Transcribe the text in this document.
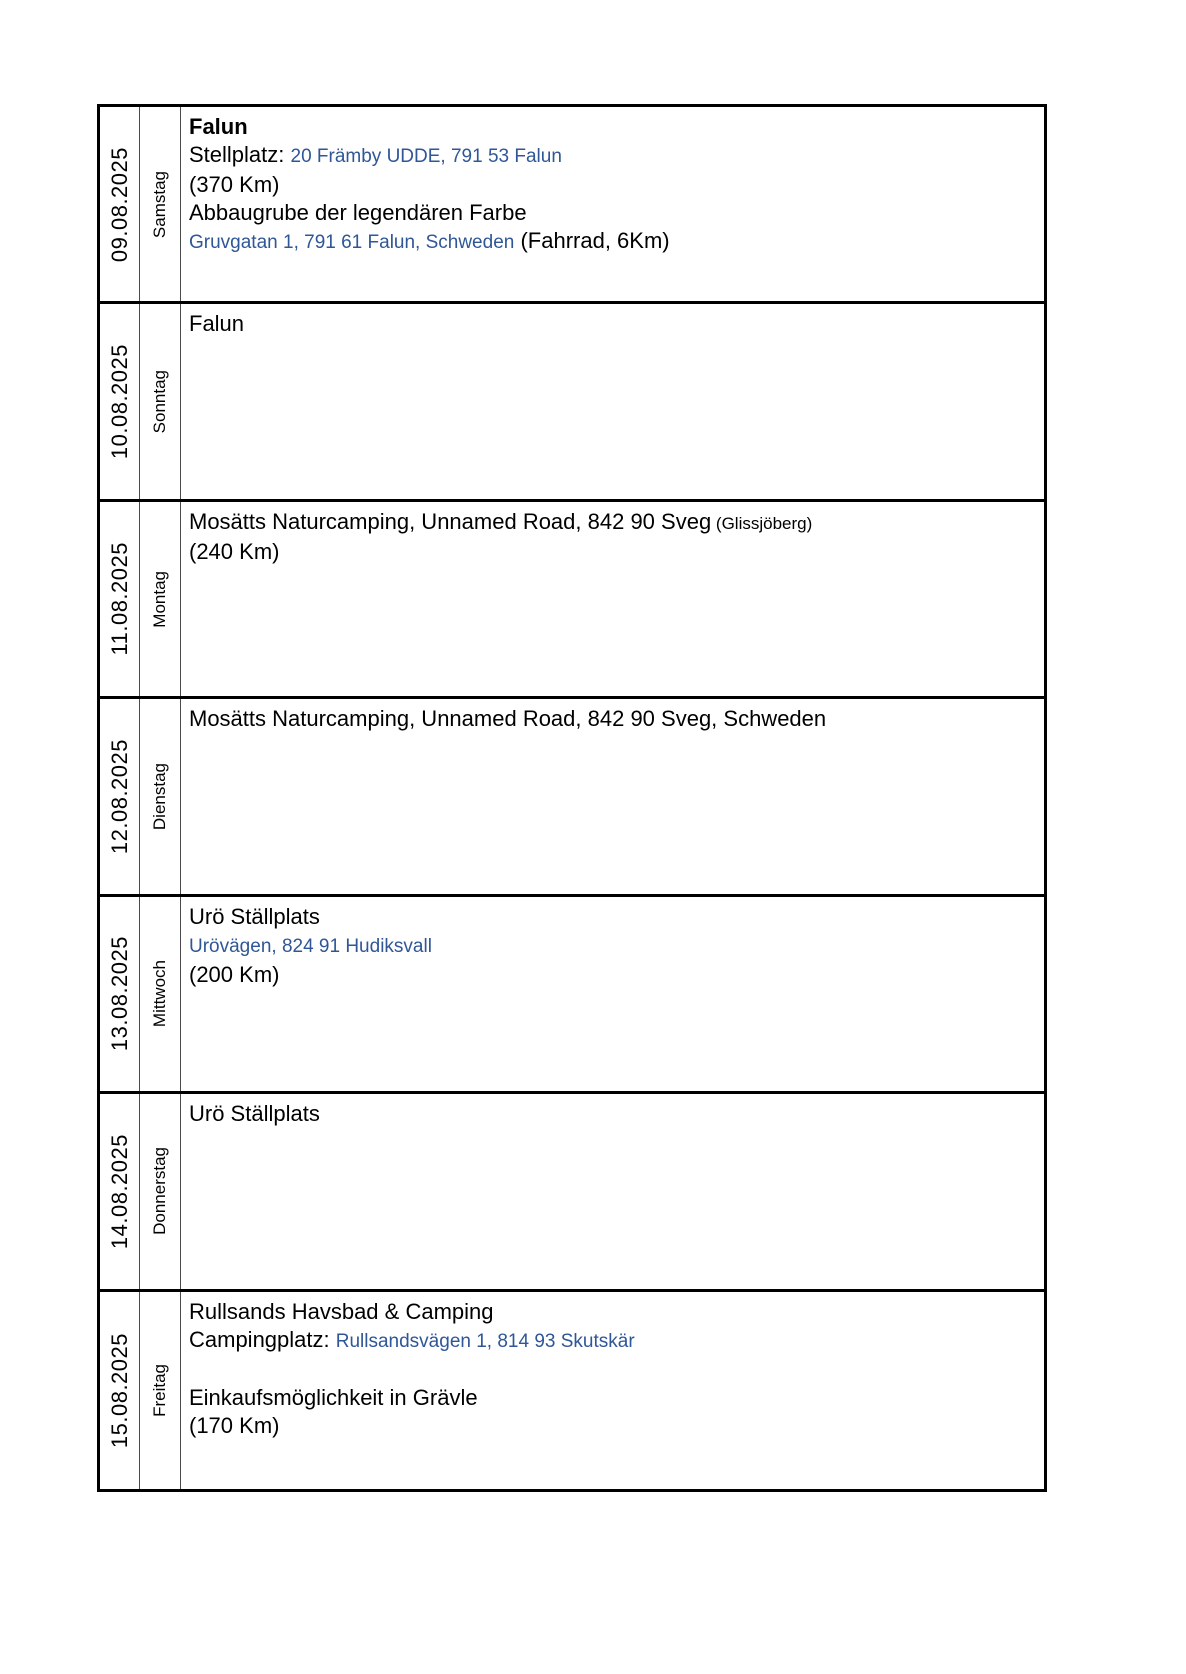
09.08.2025 Samstag
Falun
Stellplatz: 20 Främby UDDE, 791 53 Falun
(370 Km)
Abbaugrube der legendären Farbe
Gruvgatan 1, 791 61 Falun, Schweden (Fahrrad, 6Km)
10.08.2025 Sonntag
Falun
11.08.2025 Montag
Mosätts Naturcamping, Unnamed Road, 842 90 Sveg (Glissjöberg)
(240 Km)
12.08.2025 Dienstag
Mosätts Naturcamping, Unnamed Road, 842 90 Sveg, Schweden
13.08.2025 Mittwoch
Urö Ställplats
Urövägen, 824 91 Hudiksvall
(200 Km)
14.08.2025 Donnerstag
Urö Ställplats
15.08.2025 Freitag
Rullsands Havsbad & Camping
Campingplatz: Rullsandsvägen 1, 814 93 Skutskär
Einkaufsmöglichkeit in Grävle
(170 Km)
